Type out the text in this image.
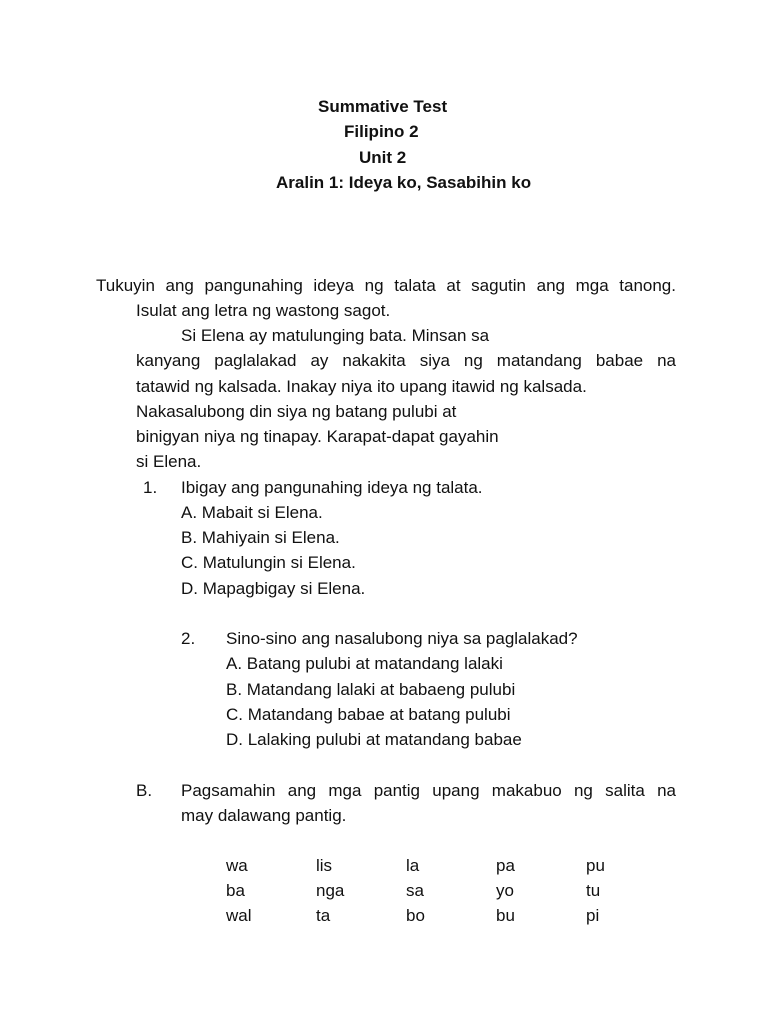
Summative Test
Filipino 2
Unit 2
Aralin 1: Ideya ko, Sasabihin ko
Tukuyin ang pangunahing ideya ng talata at sagutin ang mga tanong.
Isulat ang letra ng wastong sagot.
Si Elena ay matulunging bata. Minsan sa
kanyang paglalakad ay nakakita siya ng matandang babae na
tatawid ng kalsada. Inakay niya ito upang itawid ng kalsada.
Nakasalubong din siya ng batang pulubi at
binigyan niya ng tinapay. Karapat-dapat gayahin
si Elena.
1. Ibigay ang pangunahing ideya ng talata.
A. Mabait si Elena.
B. Mahiyain si Elena.
C. Matulungin si Elena.
D. Mapagbigay si Elena.
2. Sino-sino ang nasalubong niya sa paglalakad?
A. Batang pulubi at matandang lalaki
B. Matandang lalaki at babaeng pulubi
C. Matandang babae at batang pulubi
D. Lalaking pulubi at matandang babae
B. Pagsamahin ang mga pantig upang makabuo ng salita na
may dalawang pantig.
wa	lis	la	pa	pu
ba	nga	sa	yo	tu
wal	ta	bo	bu	pi
